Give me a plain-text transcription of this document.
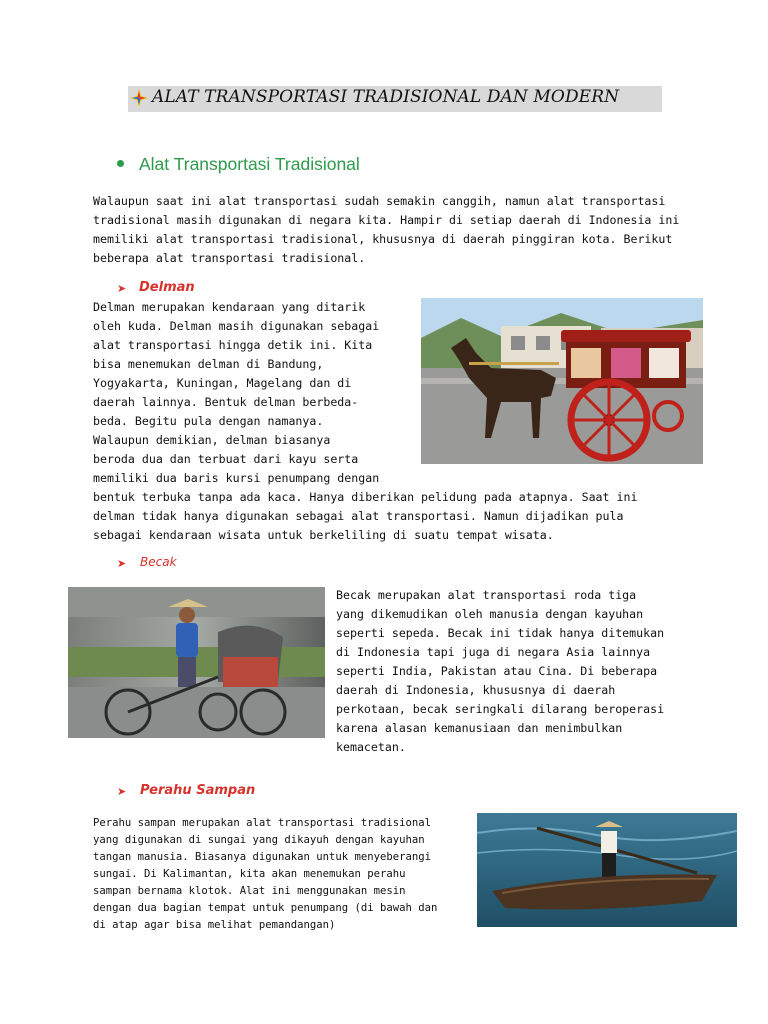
ALAT TRANSPORTASI TRADISIONAL DAN MODERN
Alat Transportasi Tradisional
Walaupun saat ini alat transportasi sudah semakin canggih, namun alat transportasi
tradisional masih digunakan di negara kita. Hampir di setiap daerah di Indonesia ini
memiliki alat transportasi tradisional, khususnya di daerah pinggiran kota. Berikut
beberapa alat transportasi tradisional.
➤ Delman
Delman merupakan kendaraan yang ditarik
oleh kuda. Delman masih digunakan sebagai
alat transportasi hingga detik ini. Kita
bisa menemukan delman di Bandung,
Yogyakarta, Kuningan, Magelang dan di
daerah lainnya. Bentuk delman berbeda-
beda. Begitu pula dengan namanya.
Walaupun demikian, delman biasanya
beroda dua dan terbuat dari kayu serta
memiliki dua baris kursi penumpang dengan
bentuk terbuka tanpa ada kaca. Hanya diberikan pelidung pada atapnya. Saat ini
delman tidak hanya digunakan sebagai alat transportasi. Namun dijadikan pula
sebagai kendaraan wisata untuk berkeliling di suatu tempat wisata.
➤ Becak
Becak merupakan alat transportasi roda tiga
yang dikemudikan oleh manusia dengan kayuhan
seperti sepeda. Becak ini tidak hanya ditemukan
di Indonesia tapi juga di negara Asia lainnya
seperti India, Pakistan atau Cina. Di beberapa
daerah di Indonesia, khususnya di daerah
perkotaan, becak seringkali dilarang beroperasi
karena alasan kemanusiaan dan menimbulkan
kemacetan.
➤ Perahu Sampan
Perahu sampan merupakan alat transportasi tradisional
yang digunakan di sungai yang dikayuh dengan kayuhan
tangan manusia. Biasanya digunakan untuk menyeberangi
sungai. Di Kalimantan, kita akan menemukan perahu
sampan bernama klotok. Alat ini menggunakan mesin
dengan dua bagian tempat untuk penumpang (di bawah dan
di atap agar bisa melihat pemandangan)
